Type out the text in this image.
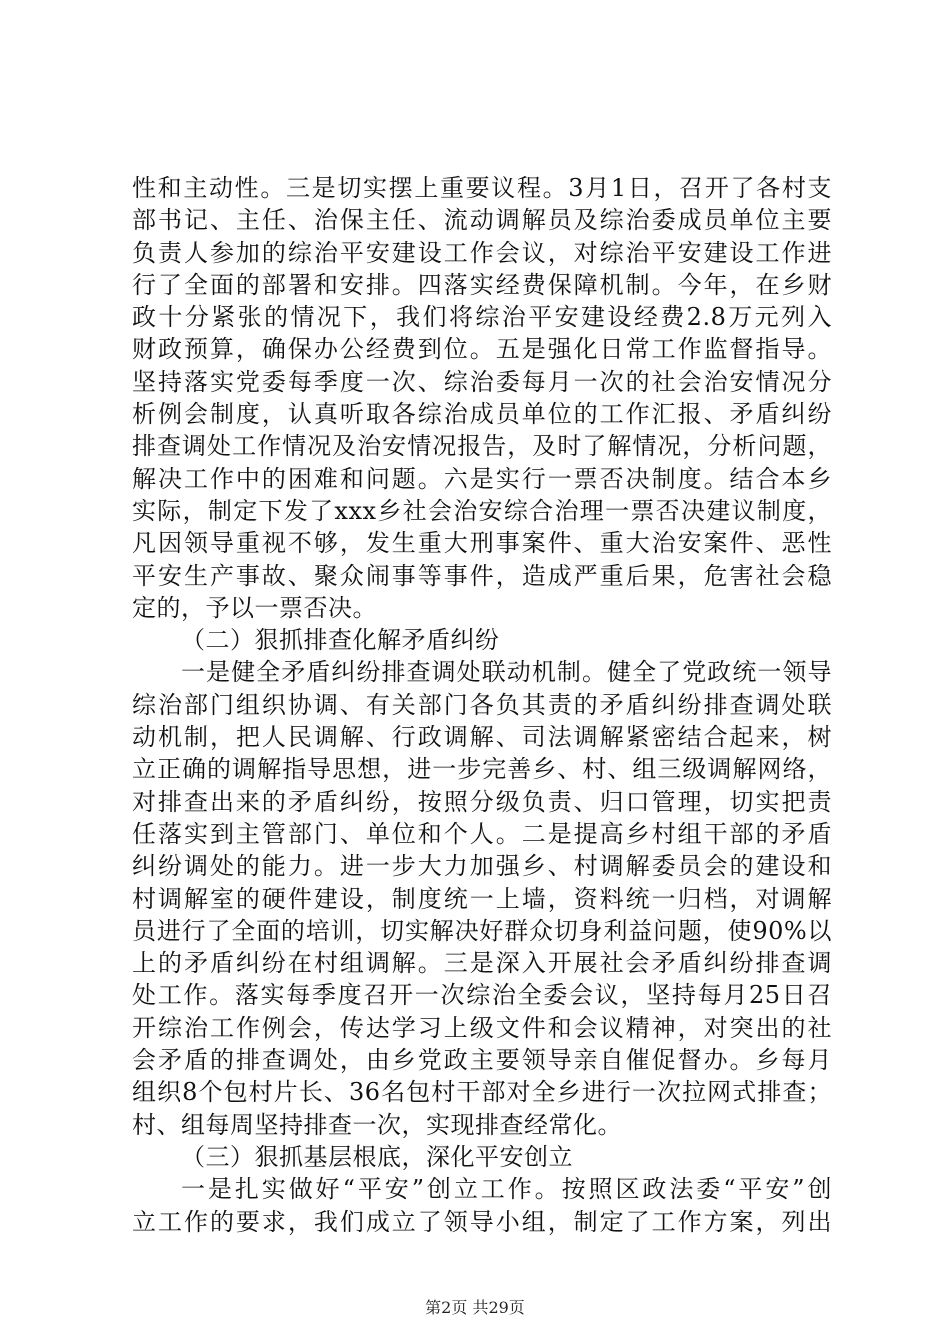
性和主动性。三是切实摆上重要议程。3月1日，召开了各村支
部书记、主任、治保主任、流动调解员及综治委成员单位主要
负责人参加的综治平安建设工作会议，对综治平安建设工作进
行了全面的部署和安排。四落实经费保障机制。今年，在乡财
政十分紧张的情况下，我们将综治平安建设经费2.8万元列入
财政预算，确保办公经费到位。五是强化日常工作监督指导。
坚持落实党委每季度一次、综治委每月一次的社会治安情况分
析例会制度，认真听取各综治成员单位的工作汇报、矛盾纠纷
排查调处工作情况及治安情况报告，及时了解情况，分析问题，
解决工作中的困难和问题。六是实行一票否决制度。结合本乡
实际，制定下发了xxx乡社会治安综合治理一票否决建议制度，
凡因领导重视不够，发生重大刑事案件、重大治安案件、恶性
平安生产事故、聚众闹事等事件，造成严重后果，危害社会稳
定的，予以一票否决。
（二）狠抓排查化解矛盾纠纷
一是健全矛盾纠纷排查调处联动机制。健全了党政统一领导
综治部门组织协调、有关部门各负其责的矛盾纠纷排查调处联
动机制，把人民调解、行政调解、司法调解紧密结合起来，树
立正确的调解指导思想，进一步完善乡、村、组三级调解网络，
对排查出来的矛盾纠纷，按照分级负责、归口管理，切实把责
任落实到主管部门、单位和个人。二是提高乡村组干部的矛盾
纠纷调处的能力。进一步大力加强乡、村调解委员会的建设和
村调解室的硬件建设，制度统一上墙，资料统一归档，对调解
员进行了全面的培训，切实解决好群众切身利益问题，使90%以
上的矛盾纠纷在村组调解。三是深入开展社会矛盾纠纷排查调
处工作。落实每季度召开一次综治全委会议，坚持每月25日召
开综治工作例会，传达学习上级文件和会议精神，对突出的社
会矛盾的排查调处，由乡党政主要领导亲自催促督办。乡每月
组织8个包村片长、36名包村干部对全乡进行一次拉网式排查；
村、组每周坚持排查一次，实现排查经常化。
（三）狠抓基层根底，深化平安创立
一是扎实做好“平安”创立工作。按照区政法委“平安”创
立工作的要求，我们成立了领导小组，制定了工作方案，列出
第2页 共29页
